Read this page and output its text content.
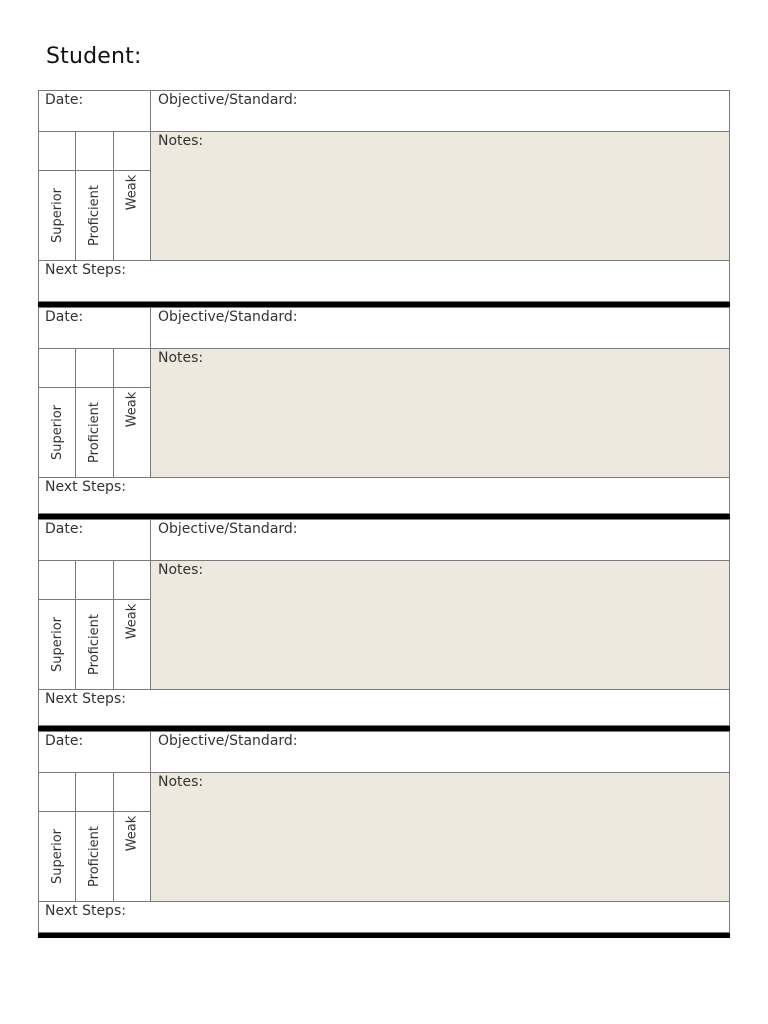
Student:
Date:	Objective/Standard:
Superior Proficient Weak
Notes:
Next Steps:
Date:	Objective/Standard:
Superior Proficient Weak
Notes:
Next Steps:
Date:	Objective/Standard:
Superior Proficient Weak
Notes:
Next Steps:
Date:	Objective/Standard:
Superior Proficient Weak
Notes:
Next Steps:
